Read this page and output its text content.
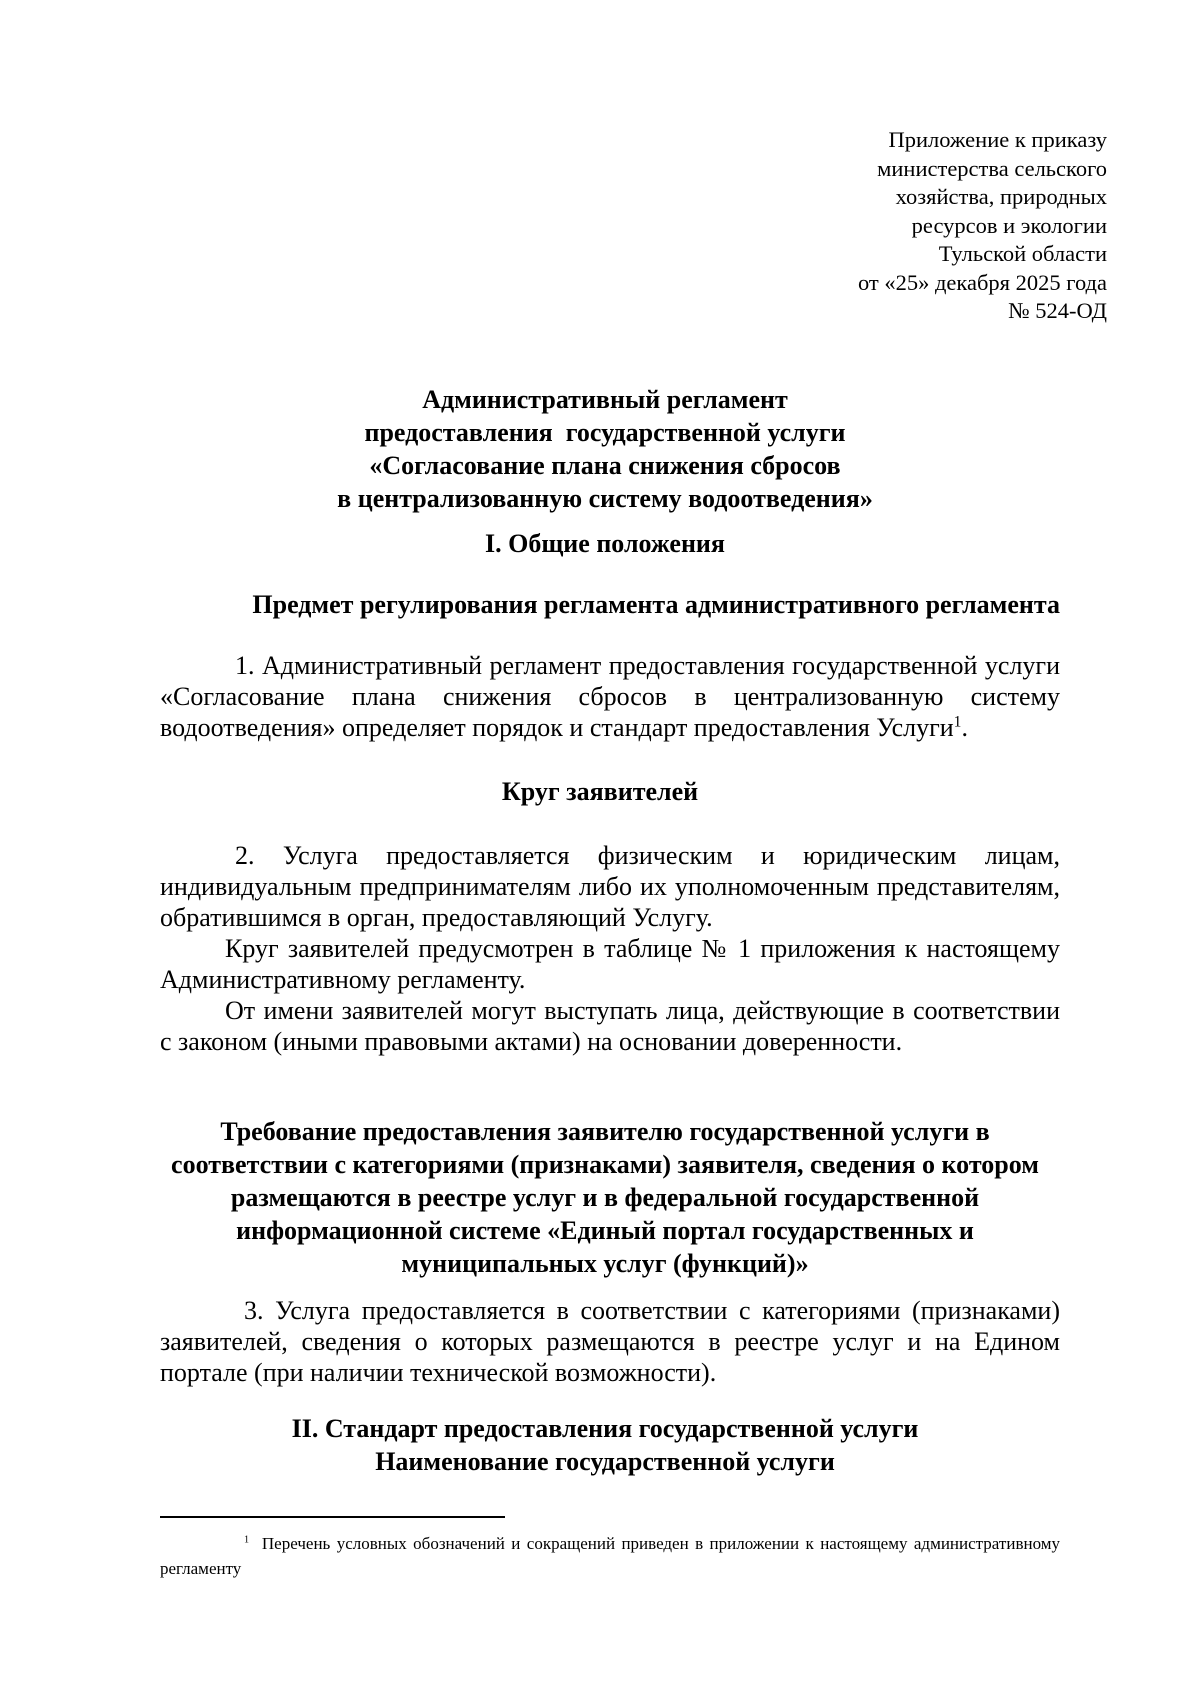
Приложение к приказу
министерства сельского
хозяйства, природных
ресурсов и экологии
Тульской области
от «25» декабря 2025 года
№ 524-ОД
Административный регламент
предоставления  государственной услуги
«Согласование плана снижения сбросов
в централизованную систему водоотведения»
I. Общие положения
Предмет регулирования регламента административного регламента

1. Административный регламент предоставления государственной услуги «Согласование плана снижения сбросов в централизованную систему водоотведения» определяет порядок и стандарт предоставления Услуги$^1$.

Круг заявителей

2. Услуга предоставляется физическим и юридическим лицам, индивидуальным предпринимателям либо их уполномоченным представителям, обратившимся в орган, предоставляющий Услугу.

Круг заявителей предусмотрен в таблице № 1 приложения к настоящему Административному регламенту.

От имени заявителей могут выступать лица, действующие в соответствии с законом (иными правовыми актами) на основании доверенности.

Требование предоставления заявителю государственной услуги в
соответствии с категориями (признаками) заявителя, сведения о котором
размещаются в реестре услуг и в федеральной государственной
информационной системе «Единый портал государственных и
муниципальных услуг (функций)»

3. Услуга предоставляется в соответствии с категориями (признаками) заявителей, сведения о которых размещаются в реестре услуг и на Едином портале (при наличии технической возможности).

II. Стандарт предоставления государственной услуги
Наименование государственной услуги

$^1$ Перечень условных обозначений и сокращений приведен в приложении к настоящему административному регламенту
